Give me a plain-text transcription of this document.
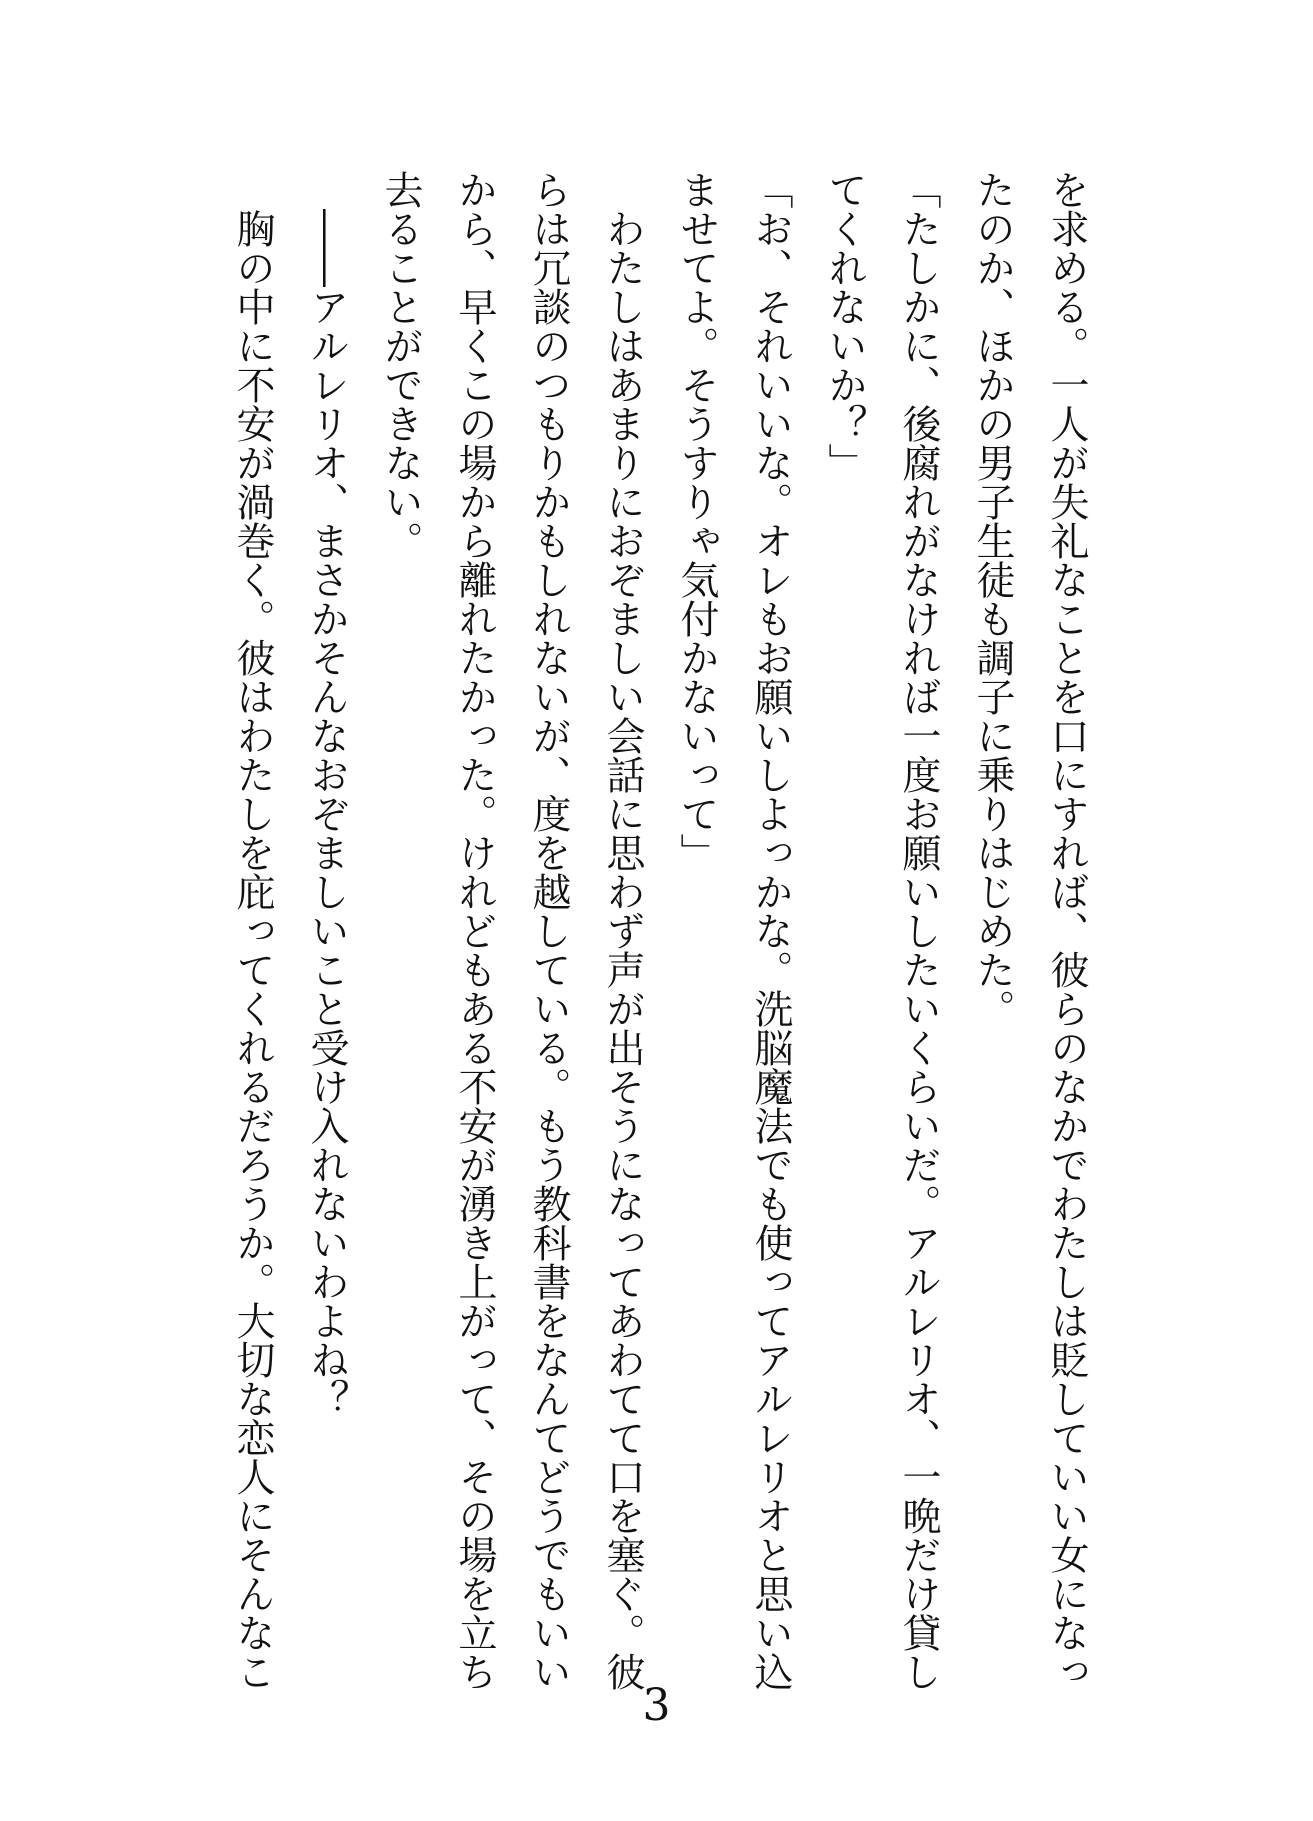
を求める。一人が失礼なことを口にすれば、彼らのなかでわたしは貶していい女になっ

たのか、ほかの男子生徒も調子に乗りはじめた。

「たしかに、後腐れがなければ一度お願いしたいくらいだ。アルレリオ、一晩だけ貸し

てくれないか？」

「お、それいいな。オレもお願いしよっかな。洗脳魔法でも使ってアルレリオと思い込

ませてよ。そうすりゃ気付かないって」

　わたしはあまりにおぞましい会話に思わず声が出そうになってあわてて口を塞ぐ。彼

らは冗談のつもりかもしれないが、度を越している。もう教科書をなんてどうでもいい

から、早くこの場から離れたかった。けれどもある不安が湧き上がって、その場を立ち

去ることができない。

　――アルレリオ、まさかそんなおぞましいこと受け入れないわよね？

　胸の中に不安が渦巻く。彼はわたしを庇ってくれるだろうか。大切な恋人にそんなこ

3
